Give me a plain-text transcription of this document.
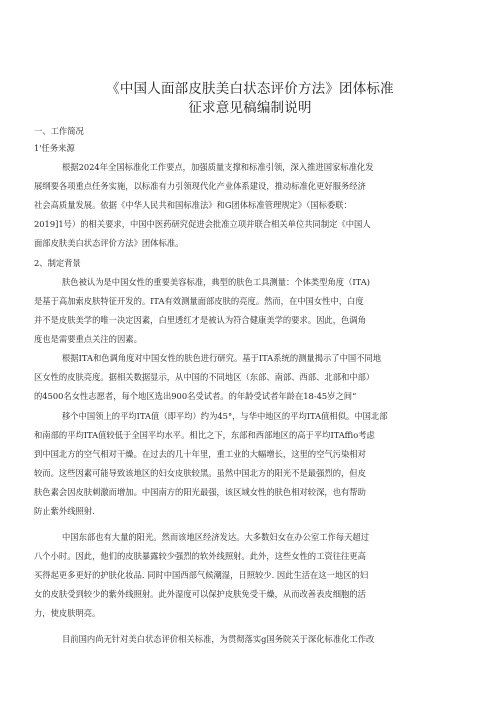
《中国人面部皮肤美白状态评价方法》团体标准
征求意见稿编制说明
一、工作简况
1'任务来源
根据2024年全国标准化工作要点，加强质量支撑和标准引领，深入推进国家标准化发
展纲要各项重点任务实施，以标准有力引领现代化产业体系建设，推动标准化更好服务经济
社会高质量发展。依据《中华人民共和国标准法》和G团体标准管理规定》（国标委联：
2019]1号）的相关要求，中国中医药研究促进会批准立项并联合相关单位共同制定《中国人
面部皮肤美白状态评价方法》团体标准。
2、制定背景
肤色被认为是中国女性的重要美容标准，典型的肤色工具测量：个体类型角度（ITA)
是基于高加索皮肤特征开发的。ITA有效测量面部皮肤的亮度。然而，在中国女性中，白度
并不是皮肤美学的唯一决定因素，白里透红才是被认为符合健康美学的要求。因此，色调角
度也是需要重点关注的因素。
根据ITA和色调角度对中国女性的肤色进行研究。基于ITA系统的测量揭示了中国不同地
区女性的皮肤亮度。据相关数据显示，从中国的不同地区（东部、南部、西部、北部和中部）
的4500名女性志愿者，每个地区选出900名受试者。的年龄受试者年龄在18-45岁之间“
移个中国领上的平均ITA值（即平均）约为45°，与华中地区的平均ITA值相似。中国北部
和南部的平均ITA值较低于全国平均水平。相比之下，东部和西部地区的高于平均ITAffio考虑
到中国北方的空气相对干燥。在过去的几十年里，重工业的大幅增长，这里的空气污染相对
较而。这些因素可能导致该地区的妇女皮肤较黑。虽然中国北方的阳光不是最强烈的，但皮
肤色素会因皮肤刺激而增加。中国南方的阳光最强，该区域女性的肤色相对较深，也有帮助
防止紫外线照射.
中国东部也有大量的阳光。然而该地区经济发达。大多数妇女在办公室工作每天超过
八个小时。因此，他们的皮肤暴露较少强烈的软外线照射。此外，这些女性的工资往往更高
买得起更多更好的护肤化妆品. 同时中国西部气候潮湿，日照较少. 因此生活在这一地区的妇
女的皮肤受到较少的紫外线照射。此外湿度可以保护皮肤免受干燥，从而改善表皮细胞的活
力，使皮肤明亮。
目前国内尚无针对美白状态评价相关标准，为贯彻落实g国务院关于深化标准化工作改
